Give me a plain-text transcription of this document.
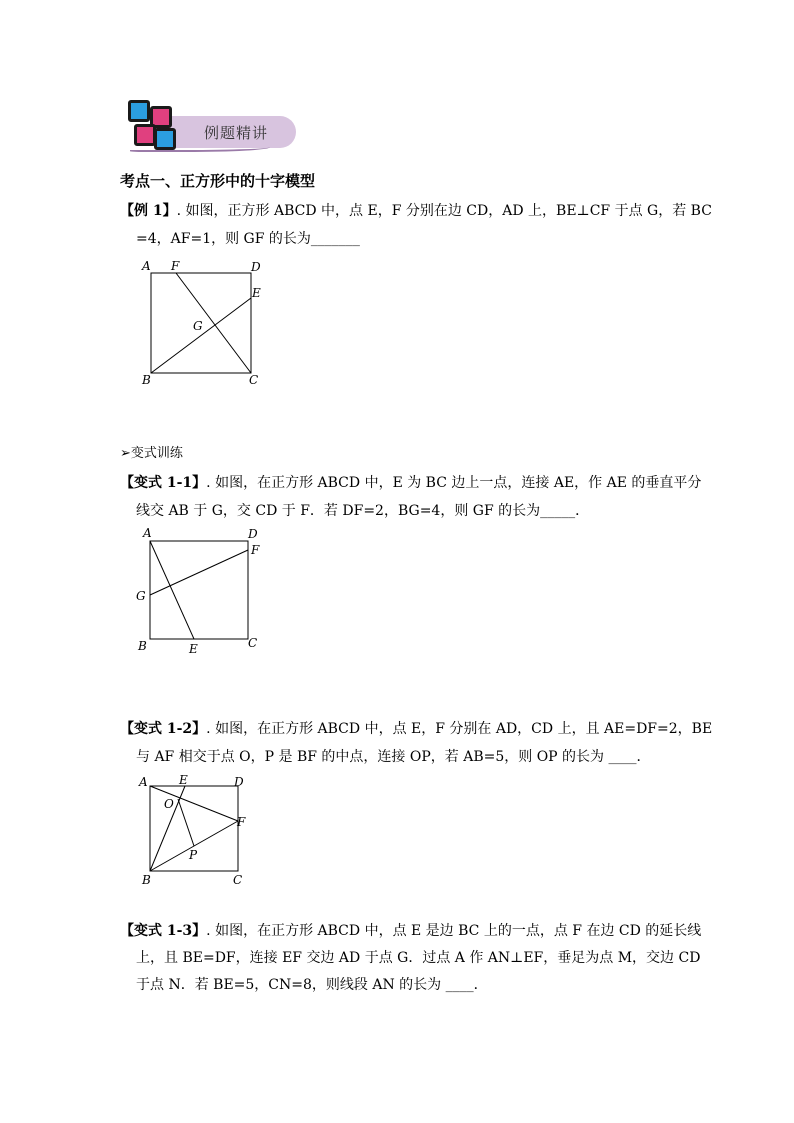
例题精讲
考点一、正方形中的十字模型
【例 1】. 如图，正方形 ABCD 中，点 E，F 分别在边 CD，AD 上，BE⊥CF 于点 G，若 BC
=4，AF=1，则 GF 的长为_______
A F	D
E
G
B	C
➢变式训练
【变式 1-1】. 如图，在正方形 ABCD 中，E 为 BC 边上一点，连接 AE，作 AE 的垂直平分
线交 AB 于 G，交 CD 于 F．若 DF=2，BG=4，则 GF 的长为_____．
A	D
F
G
B	E	C
【变式 1-2】. 如图，在正方形 ABCD 中，点 E，F 分别在 AD，CD 上，且 AE=DF=2，BE
与 AF 相交于点 O，P 是 BF 的中点，连接 OP，若 AB=5，则 OP 的长为 ____．
A	E	D
O
F
P
B	C
【变式 1-3】. 如图，在正方形 ABCD 中，点 E 是边 BC 上的一点，点 F 在边 CD 的延长线
上，且 BE=DF，连接 EF 交边 AD 于点 G．过点 A 作 AN⊥EF，垂足为点 M，交边 CD
于点 N．若 BE=5，CN=8，则线段 AN 的长为 ____．
